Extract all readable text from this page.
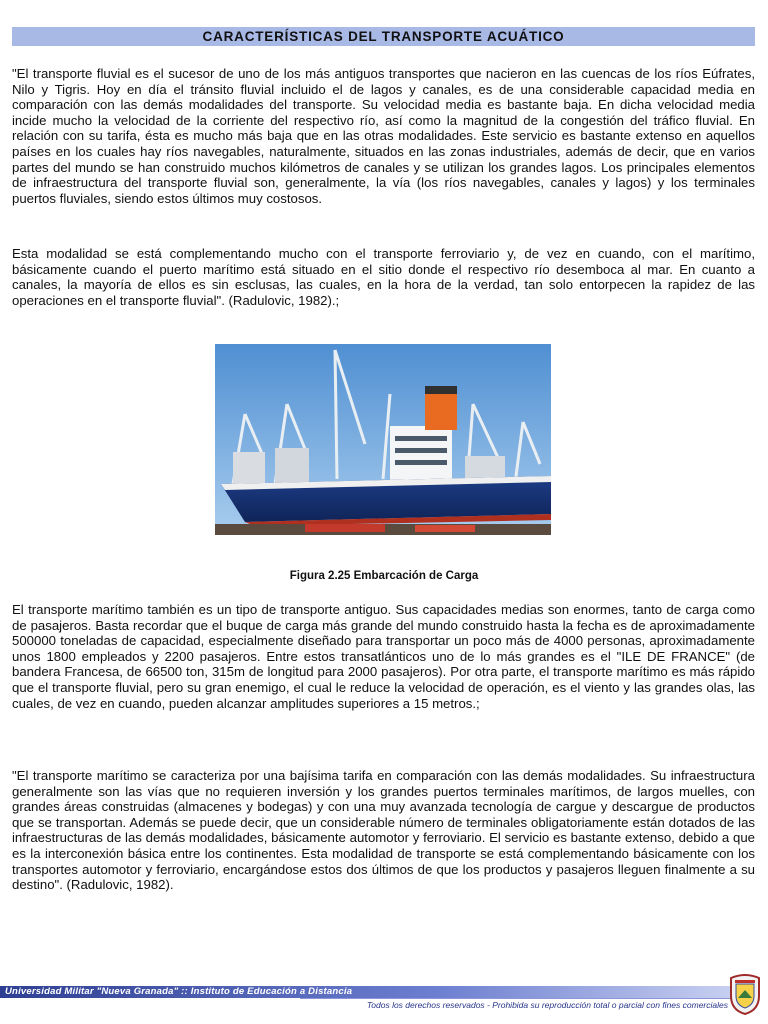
CARACTERÍSTICAS DEL TRANSPORTE ACUÁTICO

"El transporte fluvial es el sucesor de uno de los más antiguos transportes que nacieron en las cuencas de los ríos Eúfrates, Nilo y Tigris. Hoy en día el tránsito fluvial incluido el de lagos y canales, es de una considerable capacidad media en comparación con las demás modalidades del transporte. Su velocidad media es bastante baja. En dicha velocidad media incide mucho la velocidad de la corriente del respectivo río, así como la magnitud de la congestión del tráfico fluvial. En relación con su tarifa, ésta es mucho más baja que en las otras modalidades. Este servicio es bastante extenso en aquellos países en los cuales hay ríos navegables, naturalmente, situados en las zonas industriales, además de decir, que en varios partes del mundo se han construido muchos kilómetros de canales y se utilizan los grandes lagos. Los principales elementos de infraestructura del transporte fluvial son, generalmente, la vía (los ríos navegables, canales y lagos) y los terminales puertos fluviales, siendo estos últimos muy costosos.

Esta modalidad se está complementando mucho con el transporte ferroviario y, de vez en cuando, con el marítimo, básicamente cuando el puerto marítimo está situado en el sitio donde el respectivo río desemboca al mar. En cuanto a canales, la mayoría de ellos es sin esclusas, las cuales, en la hora de la verdad, tan solo entorpecen la rapidez de las operaciones en el transporte fluvial". (Radulovic, 1982).;

Figura 2.25 Embarcación de Carga

El transporte marítimo también es un tipo de transporte antiguo. Sus capacidades medias son enormes, tanto de carga como de pasajeros. Basta recordar que el buque de carga más grande del mundo construido hasta la fecha es de aproximadamente 500000 toneladas de capacidad, especialmente diseñado para transportar un poco más de 4000 personas, aproximadamente unos 1800 empleados y 2200 pasajeros. Entre estos transatlánticos uno de lo más grandes es el "ILE DE FRANCE" (de bandera Francesa, de 66500 ton, 315m de longitud para 2000 pasajeros). Por otra parte, el transporte marítimo es más rápido que el transporte fluvial, pero su gran enemigo, el cual le reduce la velocidad de operación, es el viento y las grandes olas, las cuales, de vez en cuando, pueden alcanzar amplitudes superiores a 15 metros.;

"El transporte marítimo se caracteriza por una bajísima tarifa en comparación con las demás modalidades. Su infraestructura generalmente son las vías que no requieren inversión y los grandes puertos terminales marítimos, de largos muelles, con grandes áreas construidas (almacenes y bodegas) y con una muy avanzada tecnología de cargue y descargue de productos que se transportan. Además se puede decir, que un considerable número de terminales obligatoriamente están dotados de las infraestructuras de las demás modalidades, básicamente automotor y ferroviario. El servicio es bastante extenso, debido a que es la interconexión básica entre los continentes. Esta modalidad de transporte se está complementando básicamente con los transportes automotor y ferroviario, encargándose estos dos últimos de que los productos y pasajeros lleguen finalmente a su destino". (Radulovic, 1982).

Universidad Militar "Nueva Granada" :: Instituto de Educación a Distancia
Todos los derechos reservados - Prohibida su reproducción total o parcial con fines comerciales
